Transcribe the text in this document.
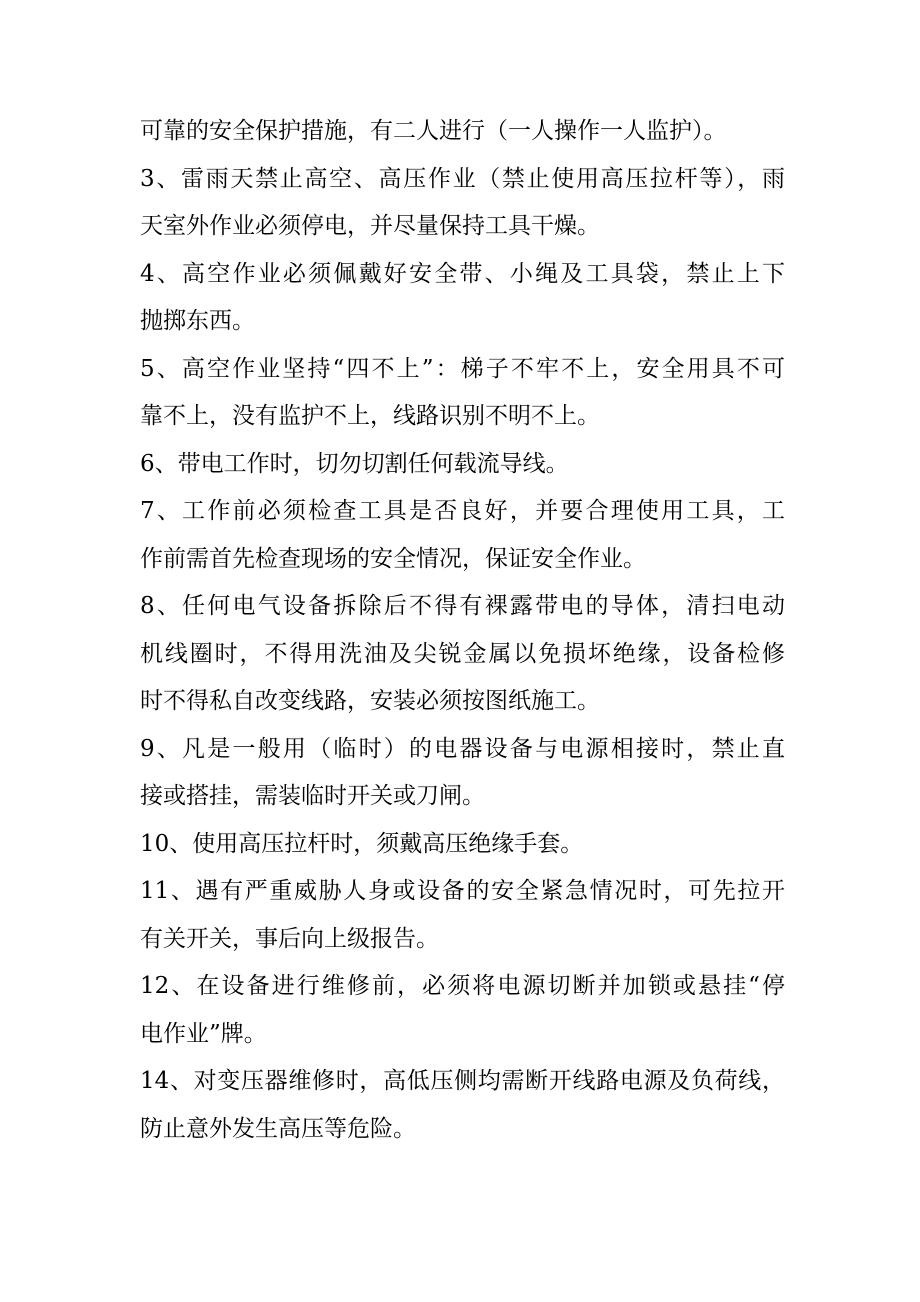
可靠的安全保护措施，有二人进行（一人操作一人监护）。
3、雷雨天禁止高空、高压作业（禁止使用高压拉杆等），雨
天室外作业必须停电，并尽量保持工具干燥。
4、高空作业必须佩戴好安全带、小绳及工具袋，禁止上下
抛掷东西。
5、高空作业坚持“四不上”：梯子不牢不上，安全用具不可
靠不上，没有监护不上，线路识别不明不上。
6、带电工作时，切勿切割任何载流导线。
7、工作前必须检查工具是否良好，并要合理使用工具，工
作前需首先检查现场的安全情况，保证安全作业。
8、任何电气设备拆除后不得有裸露带电的导体，清扫电动
机线圈时，不得用洗油及尖锐金属以免损坏绝缘，设备检修
时不得私自改变线路，安装必须按图纸施工。
9、凡是一般用（临时）的电器设备与电源相接时，禁止直
接或搭挂，需装临时开关或刀闸。
10、使用高压拉杆时，须戴高压绝缘手套。
11、遇有严重威胁人身或设备的安全紧急情况时，可先拉开
有关开关，事后向上级报告。
12、在设备进行维修前，必须将电源切断并加锁或悬挂“停
电作业”牌。
14、对变压器维修时，高低压侧均需断开线路电源及负荷线，
防止意外发生高压等危险。
